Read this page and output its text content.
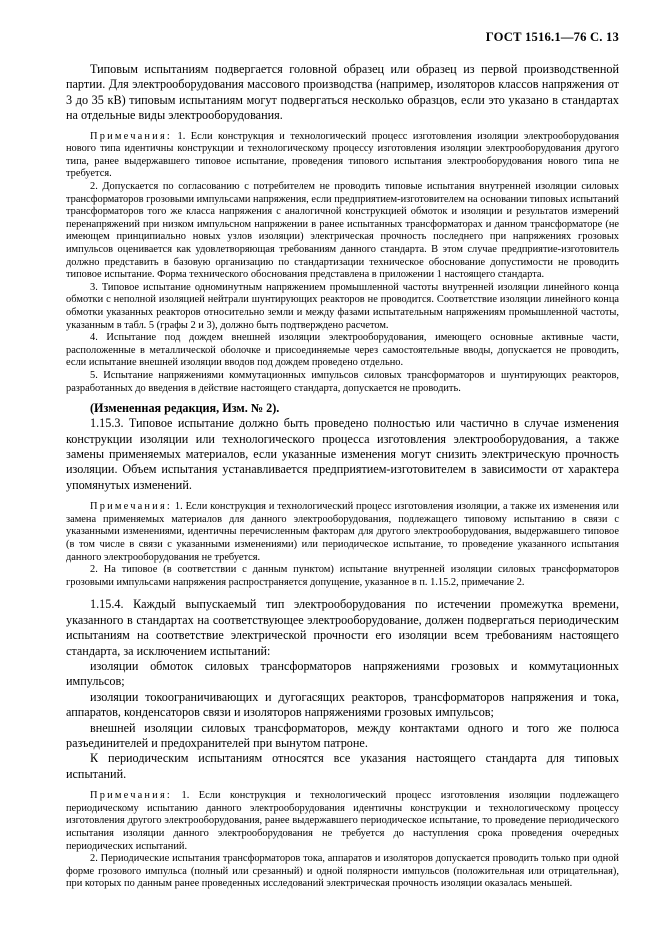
ГОСТ 1516.1—76 С. 13

Типовым испытаниям подвергается головной образец или образец из первой производственной партии. Для электрооборудования массового производства (например, изоляторов классов напряжения от 3 до 35 кВ) типовым испытаниям могут подвергаться несколько образцов, если это указано в стандартах на отдельные виды электрооборудования.

Примечания: 1. Если конструкция и технологический процесс изготовления изоляции электрооборудования нового типа идентичны конструкции и технологическому процессу изготовления изоляции электрооборудования другого типа, ранее выдержавшего типовое испытание, проведения типового испытания электрооборудования нового типа не требуется.

2. Допускается по согласованию с потребителем не проводить типовые испытания внутренней изоляции силовых трансформаторов грозовыми импульсами напряжения, если предприятием-изготовителем на основании типовых испытаний трансформаторов того же класса напряжения с аналогичной конструкцией обмоток и изоляции и результатов измерений перенапряжений при низком импульсном напряжении в ранее испытанных трансформаторах и данном трансформаторе (не имеющем принципиально новых узлов изоляции) электрическая прочность последнего при напряжениях грозовых импульсов оценивается как удовлетворяющая требованиям данного стандарта. В этом случае предприятие-изготовитель должно представить в базовую организацию по стандартизации техническое обоснование допустимости не проводить типовое испытание. Форма технического обоснования представлена в приложении 1 настоящего стандарта.

3. Типовое испытание одноминутным напряжением промышленной частоты внутренней изоляции линейного конца обмотки с неполной изоляцией нейтрали шунтирующих реакторов не проводится. Соответствие изоляции линейного конца обмотки указанных реакторов относительно земли и между фазами испытательным напряжениям промышленной частоты, указанным в табл. 5 (графы 2 и 3), должно быть подтверждено расчетом.

4. Испытание под дождем внешней изоляции электрооборудования, имеющего основные активные части, расположенные в металлической оболочке и присоединяемые через самостоятельные вводы, допускается не проводить, если испытание внешней изоляции вводов под дождем проведено отдельно.

5. Испытание напряжениями коммутационных импульсов силовых трансформаторов и шунтирующих реакторов, разработанных до введения в действие настоящего стандарта, допускается не проводить.

(Измененная редакция, Изм. № 2).

1.15.3. Типовое испытание должно быть проведено полностью или частично в случае изменения конструкции изоляции или технологического процесса изготовления электрооборудования, а также замены применяемых материалов, если указанные изменения могут снизить электрическую прочность изоляции. Объем испытания устанавливается предприятием-изготовителем в зависимости от характера упомянутых изменений.

Примечания: 1. Если конструкция и технологический процесс изготовления изоляции, а также их изменения или замена применяемых материалов для данного электрооборудования, подлежащего типовому испытанию в связи с указанными изменениями, идентичны перечисленным факторам для другого электрооборудования, выдержавшего типовое (в том числе в связи с указанными изменениями) или периодическое испытание, то проведение указанного испытания данного электрооборудования не требуется.

2. На типовое (в соответствии с данным пунктом) испытание внутренней изоляции силовых трансформаторов грозовыми импульсами напряжения распространяется допущение, указанное в п. 1.15.2, примечание 2.

1.15.4. Каждый выпускаемый тип электрооборудования по истечении промежутка времени, указанного в стандартах на соответствующее электрооборудование, должен подвергаться периодическим испытаниям на соответствие электрической прочности его изоляции всем требованиям настоящего стандарта, за исключением испытаний:

изоляции обмоток силовых трансформаторов напряжениями грозовых и коммутационных импульсов;

изоляции токоограничивающих и дугогасящих реакторов, трансформаторов напряжения и тока, аппаратов, конденсаторов связи и изоляторов напряжениями грозовых импульсов;

внешней изоляции силовых трансформаторов, между контактами одного и того же полюса разъединителей и предохранителей при вынутом патроне.

К периодическим испытаниям относятся все указания настоящего стандарта для типовых испытаний.

Примечания: 1. Если конструкция и технологический процесс изготовления изоляции подлежащего периодическому испытанию данного электрооборудования идентичны конструкции и технологическому процессу изготовления другого электрооборудования, ранее выдержавшего периодическое испытание, то проведение периодического испытания изоляции данного электрооборудования не требуется до наступления срока проведения очередных периодических испытаний.

2. Периодические испытания трансформаторов тока, аппаратов и изоляторов допускается проводить только при одной форме грозового импульса (полный или срезанный) и одной полярности импульсов (положительная или отрицательная), при которых по данным ранее проведенных исследований электрическая прочность изоляции оказалась меньшей.
